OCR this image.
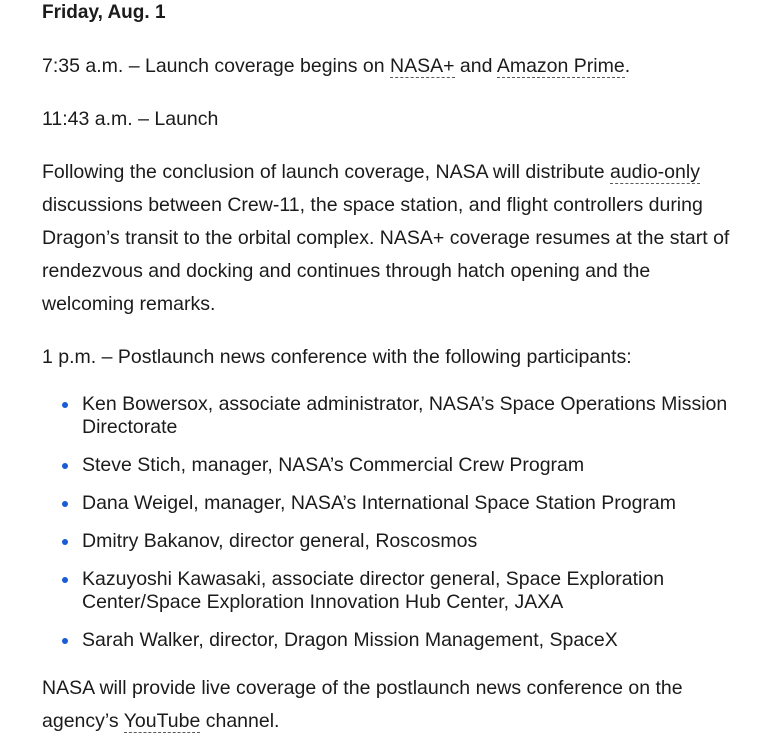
Friday, Aug. 1

7:35 a.m. – Launch coverage begins on NASA+ and Amazon Prime.

11:43 a.m. – Launch

Following the conclusion of launch coverage, NASA will distribute audio-only discussions between Crew-11, the space station, and flight controllers during Dragon’s transit to the orbital complex. NASA+ coverage resumes at the start of rendezvous and docking and continues through hatch opening and the welcoming remarks.

1 p.m. – Postlaunch news conference with the following participants:

Ken Bowersox, associate administrator, NASA’s Space Operations Mission Directorate
Steve Stich, manager, NASA’s Commercial Crew Program
Dana Weigel, manager, NASA’s International Space Station Program
Dmitry Bakanov, director general, Roscosmos
Kazuyoshi Kawasaki, associate director general, Space Exploration Center/Space Exploration Innovation Hub Center, JAXA
Sarah Walker, director, Dragon Mission Management, SpaceX

NASA will provide live coverage of the postlaunch news conference on the agency’s YouTube channel.
